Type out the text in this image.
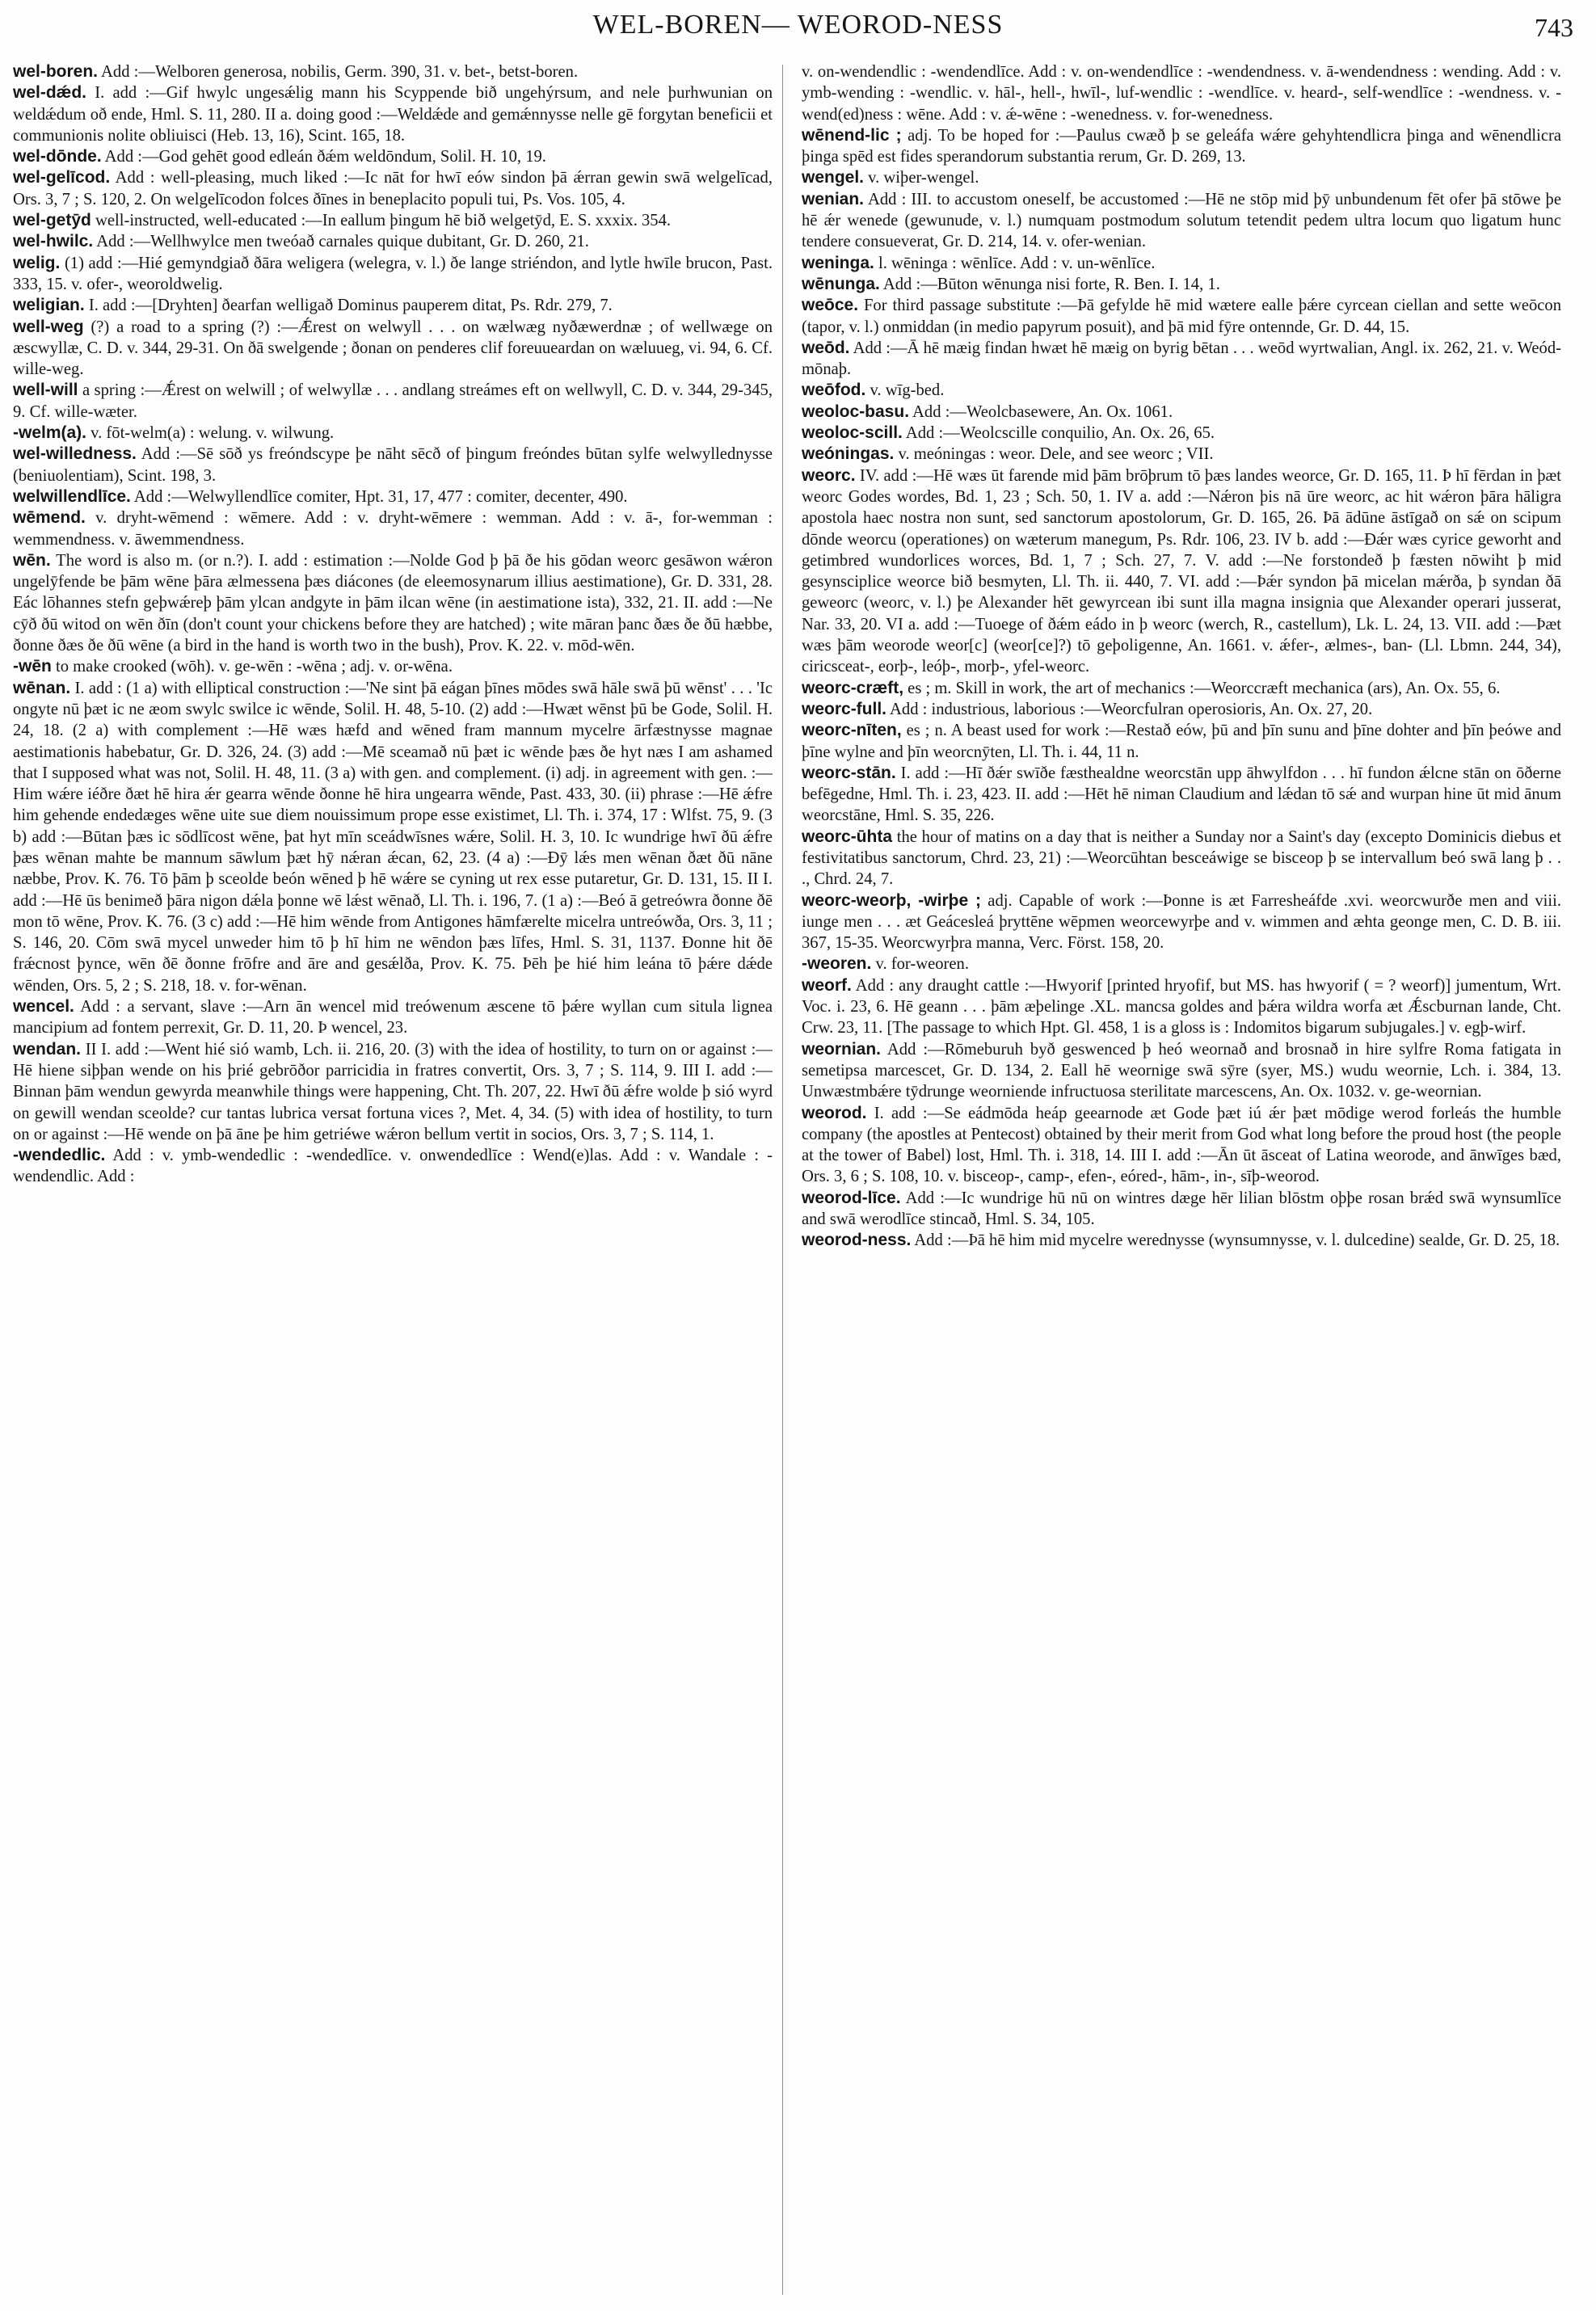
WEL-BOREN— WEOROD-NESS	743

wel-boren. Add :—Welboren generosa, nobilis, Germ. 390, 31. v. bet-, betst-boren.

wel-dǽd. I. add :—Gif hwylc ungesǽlig mann his Scyppende bið ungehýrsum, and nele þurhwunian on weldǽdum oð ende, Hml. S. 11, 280. II a. doing good :—Weldǽde and gemǽnnysse nelle gē forgytan beneficii et communionis nolite obliuisci (Heb. 13, 16), Scint. 165, 18.

wel-dōnde. Add :—God gehēt good edleán ðǽm weldōndum, Solil. H. 10, 19.

wel-gelīcod. Add : well-pleasing, much liked :—Ic nāt for hwī eów sindon þā ǽrran gewin swā welgelīcad, Ors. 3, 7 ; S. 120, 2. On welgelīcodon folces ðīnes in beneplacito populi tui, Ps. Vos. 105, 4.

wel-getȳd well-instructed, well-educated :—In eallum þingum hē bið welgetȳd, E. S. xxxix. 354.

wel-hwilc. Add :—Wellhwylce men tweóað carnales quique dubitant, Gr. D. 260, 21.

welig. (1) add :—Hié gemyndgiað ðāra weligera (welegra, v. l.) ðe lange striéndon, and lytle hwīle brucon, Past. 333, 15. v. ofer-, weoroldwelig.

weligian. I. add :—[Dryhten] ðearfan welligað Dominus pauperem ditat, Ps. Rdr. 279, 7.

well-weg (?) a road to a spring (?) :—Ǽrest on welwyll . . . on wælwæg nyðæwerdnæ ; of wellwæge on æscwyllæ, C. D. v. 344, 29-31. On ðā swelgende ; ðonan on penderes clif foreuueardan on wæluueg, vi. 94, 6. Cf. wille-weg.

well-will a spring :—Ǽrest on welwill ; of welwyllæ . . . andlang streámes eft on wellwyll, C. D. v. 344, 29-345, 9. Cf. wille-wæter.

-welm(a). v. fōt-welm(a) : welung. v. wilwung.

wel-willedness. Add :—Sē sōð ys freóndscype þe nāht sēcð of þingum freóndes būtan sylfe welwyllednysse (beniuolentiam), Scint. 198, 3.

welwillendlīce. Add :—Welwyllendlīce comiter, Hpt. 31, 17, 477 : comiter, decenter, 490.

wēmend. v. dryht-wēmend : wēmere. Add : v. dryht-wēmere : wemman. Add : v. ā-, for-wemman : wemmendness. v. āwemmendness.

wēn. The word is also m. (or n.?). I. add : estimation :—Nolde God þ þā ðe his gōdan weorc gesāwon wǽron ungelȳfende be þām wēne þāra ælmessena þæs diácones (de eleemosynarum illius aestimatione), Gr. D. 331, 28. Eác lōhannes stefn geþwǽreþ þām ylcan andgyte in þām ilcan wēne (in aestimatione ista), 332, 21. II. add :—Ne cȳð ðū witod on wēn ðīn (don't count your chickens before they are hatched) ; wite māran þanc ðæs ðe ðū hæbbe, ðonne ðæs ðe ðū wēne (a bird in the hand is worth two in the bush), Prov. K. 22. v. mōd-wēn.

-wēn to make crooked (wōh). v. ge-wēn : -wēna ; adj. v. or-wēna.

wēnan. I. add : (1 a) with elliptical construction :—'Ne sint þā eágan þīnes mōdes swā hāle swā þū wēnst' . . . 'Ic ongyte nū þæt ic ne æom swylc swilce ic wēnde, Solil. H. 48, 5-10. (2) add :—Hwæt wēnst þū be Gode, Solil. H. 24, 18. (2 a) with complement :—Hē wæs hæfd and wēned fram mannum mycelre ārfæstnysse magnae aestimationis habebatur, Gr. D. 326, 24. (3) add :—Mē sceamað nū þæt ic wēnde þæs ðe hyt næs I am ashamed that I supposed what was not, Solil. H. 48, 11. (3 a) with gen. and complement. (i) adj. in agreement with gen. :—Him wǽre iéðre ðæt hē hira ǽr gearra wēnde ðonne hē hira ungearra wēnde, Past. 433, 30. (ii) phrase :—Hē ǽfre him gehende endedæges wēne uite sue diem nouissimum prope esse existimet, Ll. Th. i. 374, 17 : Wlfst. 75, 9. (3 b) add :—Būtan þæs ic sōdlīcost wēne, þat hyt mīn sceádwīsnes wǽre, Solil. H. 3, 10. Ic wundrige hwī ðū ǽfre þæs wēnan mahte be mannum sāwlum þæt hȳ nǽran ǽcan, 62, 23. (4 a) :—Ðȳ lǽs men wēnan ðæt ðū nāne næbbe, Prov. K. 76. Tō þām þ sceolde beón wēned þ hē wǽre se cyning ut rex esse putaretur, Gr. D. 131, 15. II I. add :—Hē ūs benimeð þāra nigon dǽla þonne wē lǽst wēnað, Ll. Th. i. 196, 7. (1 a) :—Beó ā getreówra ðonne ðē mon tō wēne, Prov. K. 76. (3 c) add :—Hē him wēnde from Antigones hāmfærelte micelra untreówða, Ors. 3, 11 ; S. 146, 20. Cōm swā mycel unweder him tō þ hī him ne wēndon þæs līfes, Hml. S. 31, 1137. Ðonne hit ðē frǽcnost þynce, wēn ðē ðonne frōfre and āre and gesǽlða, Prov. K. 75. Þēh þe hié him leána tō þǽre dǽde wēnden, Ors. 5, 2 ; S. 218, 18. v. for-wēnan.

wencel. Add : a servant, slave :—Arn ān wencel mid treówenum æscene tō þǽre wyllan cum situla lignea mancipium ad fontem perrexit, Gr. D. 11, 20. Þ wencel, 23.

wendan. II I. add :—Went hié sió wamb, Lch. ii. 216, 20. (3) with the idea of hostility, to turn on or against :—Hē hiene siþþan wende on his þrié gebrōðor parricidia in fratres convertit, Ors. 3, 7 ; S. 114, 9. III I. add :—Binnan þām wendun gewyrda meanwhile things were happening, Cht. Th. 207, 22. Hwī ðū ǽfre wolde þ sió wyrd on gewill wendan sceolde? cur tantas lubrica versat fortuna vices ?, Met. 4, 34. (5) with idea of hostility, to turn on or against :—Hē wende on þā āne þe him getriéwe wǽron bellum vertit in socios, Ors. 3, 7 ; S. 114, 1.

-wendedlic. Add : v. ymb-wendedlic : -wendedlīce. v. onwendedlīce : Wend(e)las. Add : v. Wandale : -wendendlic. Add :

v. on-wendendlic : -wendendlīce. Add : v. on-wendendlīce : -wendendness. v. ā-wendendness : wending. Add : v. ymb-wending : -wendlic. v. hāl-, hell-, hwīl-, luf-wendlic : -wendlīce. v. heard-, self-wendlīce : -wendness. v. -wend(ed)ness : wēne. Add : v. ǽ-wēne : -wenedness. v. for-wenedness.

wēnend-lic ; adj. To be hoped for :—Paulus cwæð þ se geleáfa wǽre gehyhtendlicra þinga and wēnendlicra þinga spēd est fides sperandorum substantia rerum, Gr. D. 269, 13.

wengel. v. wiþer-wengel.

wenian. Add : III. to accustom oneself, be accustomed :—Hē ne stōp mid þȳ unbundenum fēt ofer þā stōwe þe hē ǽr wenede (gewunude, v. l.) numquam postmodum solutum tetendit pedem ultra locum quo ligatum hunc tendere consueverat, Gr. D. 214, 14. v. ofer-wenian.

weninga. l. wēninga : wēnlīce. Add : v. un-wēnlīce.

wēnunga. Add :—Būton wēnunga nisi forte, R. Ben. I. 14, 1.

weōce. For third passage substitute :—Þā gefylde hē mid wætere ealle þǽre cyrcean ciellan and sette weōcon (tapor, v. l.) onmiddan (in medio papyrum posuit), and þā mid fȳre ontennde, Gr. D. 44, 15.

weōd. Add :—Ā hē mæig findan hwæt hē mæig on byrig bētan . . . weōd wyrtwalian, Angl. ix. 262, 21. v. Weód-mōnaþ.

weōfod. v. wīg-bed.

weoloc-basu. Add :—Weolcbasewere, An. Ox. 1061.

weoloc-scill. Add :—Weolcscille conquilio, An. Ox. 26, 65.

weóningas. v. meóningas : weor. Dele, and see weorc ; VII.

weorc. IV. add :—Hē wæs ūt farende mid þām brōþrum tō þæs landes weorce, Gr. D. 165, 11. Þ hī fērdan in þæt weorc Godes wordes, Bd. 1, 23 ; Sch. 50, 1. IV a. add :—Nǽron þis nā ūre weorc, ac hit wǽron þāra hāligra apostola haec nostra non sunt, sed sanctorum apostolorum, Gr. D. 165, 26. Þā ādūne āstīgað on sǽ on scipum dōnde weorcu (operationes) on wæterum manegum, Ps. Rdr. 106, 23. IV b. add :—Ðǽr wæs cyrice geworht and getimbred wundorlices worces, Bd. 1, 7 ; Sch. 27, 7. V. add :—Ne forstondeð þ fæsten nōwiht þ mid gesynsciplice weorce bið besmyten, Ll. Th. ii. 440, 7. VI. add :—Þǽr syndon þā micelan mǽrða, þ syndan ðā geweorc (weorc, v. l.) þe Alexander hēt gewyrcean ibi sunt illa magna insignia que Alexander operari jusserat, Nar. 33, 20. VI a. add :—Tuoege of ðǽm eádo in þ weorc (werch, R., castellum), Lk. L. 24, 13. VII. add :—Þæt wæs þām weorode weor[c] (weor[ce]?) tō geþoligenne, An. 1661. v. ǽfer-, ælmes-, ban- (Ll. Lbmn. 244, 34), ciricsceat-, eorþ-, leóþ-, morþ-, yfel-weorc.

weorc-cræft, es ; m. Skill in work, the art of mechanics :—Weorccræft mechanica (ars), An. Ox. 55, 6.

weorc-full. Add : industrious, laborious :—Weorcfulran operosioris, An. Ox. 27, 20.

weorc-nīten, es ; n. A beast used for work :—Restað eów, þū and þīn sunu and þīne dohter and þīn þeówe and þīne wylne and þīn weorcnȳten, Ll. Th. i. 44, 11 n.

weorc-stān. I. add :—Hī ðǽr swīðe fæsthealdne weorcstān upp āhwylfdon . . . hī fundon ǽlcne stān on ōðerne befēgedne, Hml. Th. i. 23, 423. II. add :—Hēt hē niman Claudium and lǽdan tō sǽ and wurpan hine ūt mid ānum weorcstāne, Hml. S. 35, 226.

weorc-ūhta the hour of matins on a day that is neither a Sunday nor a Saint's day (excepto Dominicis diebus et festivitatibus sanctorum, Chrd. 23, 21) :—Weorcūhtan besceáwige se bisceop þ se intervallum beó swā lang þ . . ., Chrd. 24, 7.

weorc-weorþ, -wirþe ; adj. Capable of work :—Þonne is æt Farresheáfde .xvi. weorcwurðe men and viii. iunge men . . . æt Geácesleá þryttēne wēpmen weorcewyrþe and v. wimmen and æhta geonge men, C. D. B. iii. 367, 15-35. Weorcwyrþra manna, Verc. Först. 158, 20.

-weoren. v. for-weoren.

weorf. Add : any draught cattle :—Hwyorif [printed hryofif, but MS. has hwyorif ( = ? weorf)] jumentum, Wrt. Voc. i. 23, 6. Hē geann . . . þām æþelinge .XL. mancsa goldes and þǽra wildra worfa æt Ǽscburnan lande, Cht. Crw. 23, 11. [The passage to which Hpt. Gl. 458, 1 is a gloss is : Indomitos bigarum subjugales.] v. egþ-wirf.

weornian. Add :—Rōmeburuh byð geswenced þ heó weornað and brosnað in hire sylfre Roma fatigata in semetipsa marcescet, Gr. D. 134, 2. Eall hē weornige swā sȳre (syer, MS.) wudu weornie, Lch. i. 384, 13. Unwæstmbǽre tȳdrunge weorniende infructuosa sterilitate marcescens, An. Ox. 1032. v. ge-weornian.

weorod. I. add :—Se eádmōda heáp geearnode æt Gode þæt iú ǽr þæt mōdige werod forleás the humble company (the apostles at Pentecost) obtained by their merit from God what long before the proud host (the people at the tower of Babel) lost, Hml. Th. i. 318, 14. III I. add :—Ān ūt āsceat of Latina weorode, and ānwīges bæd, Ors. 3, 6 ; S. 108, 10. v. bisceop-, camp-, efen-, eóred-, hām-, in-, sīþ-weorod.

weorod-līce. Add :—Ic wundrige hū nū on wintres dæge hēr lilian blōstm oþþe rosan brǽd swā wynsumlīce and swā werodlīce stincað, Hml. S. 34, 105.

weorod-ness. Add :—Þā hē him mid mycelre werednysse (wynsumnysse, v. l. dulcedine) sealde, Gr. D. 25, 18.
